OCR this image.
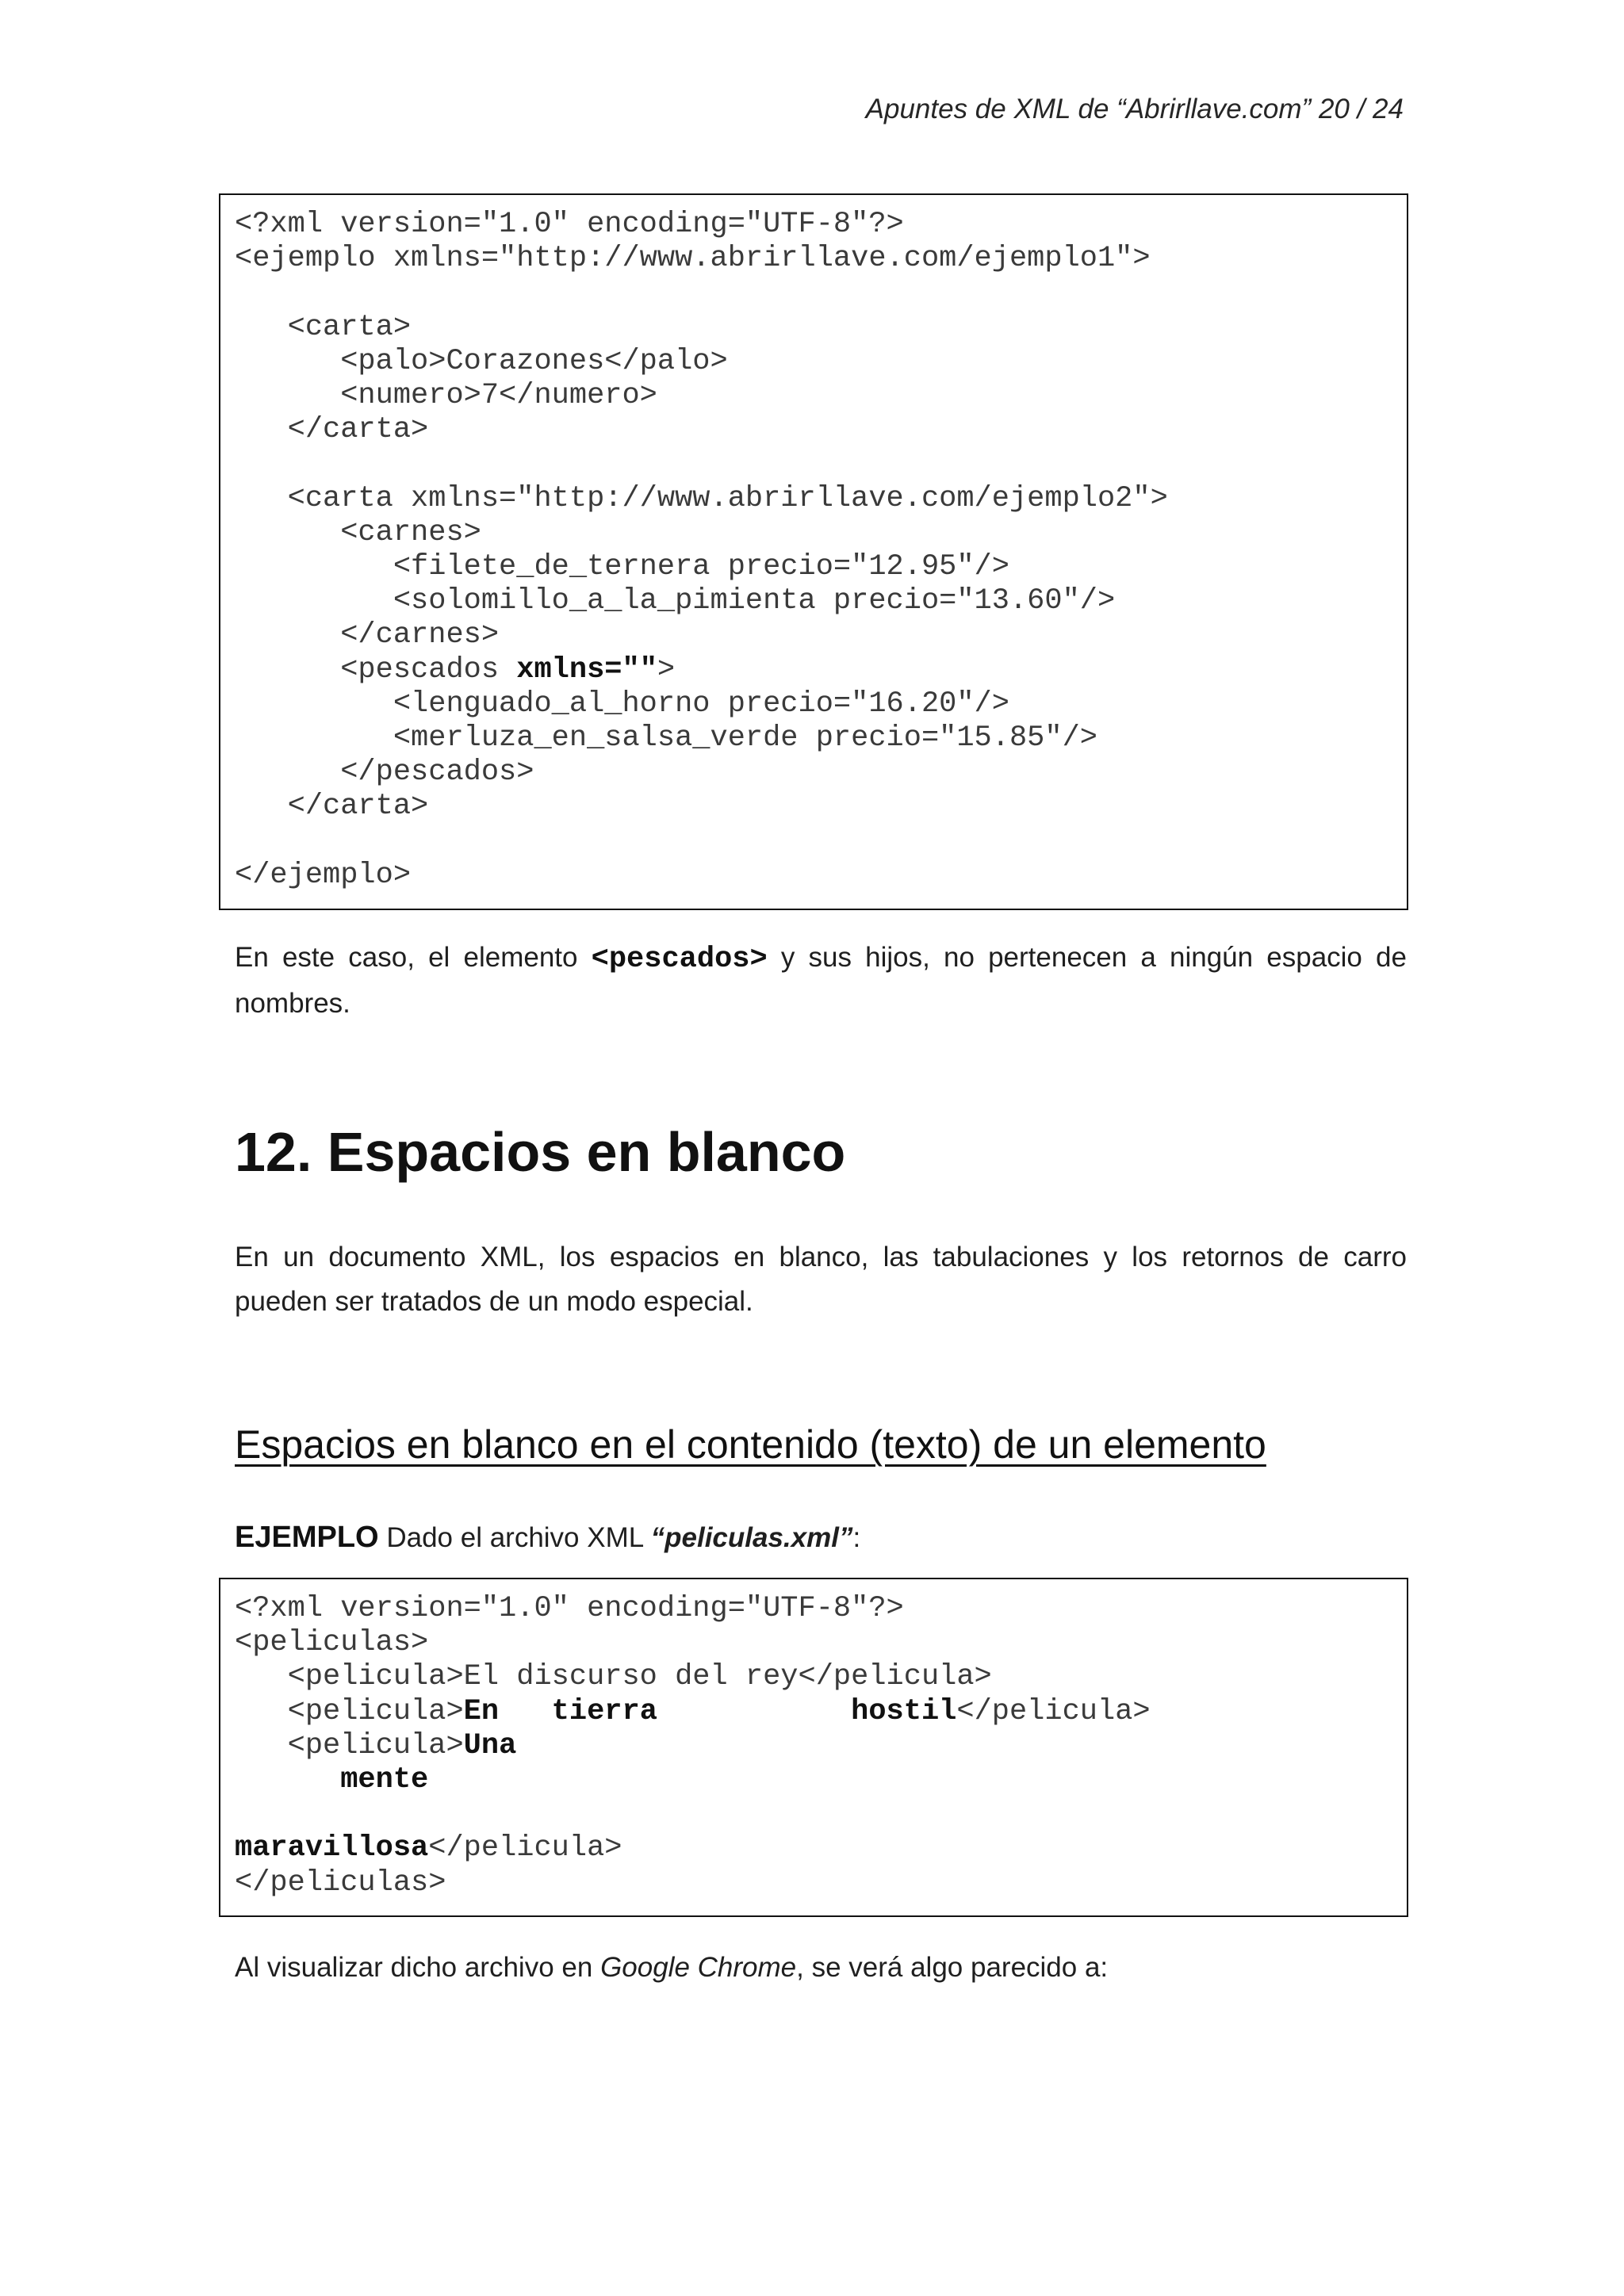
Apuntes de XML de “Abrirllave.com” 20 / 24
<?xml version="1.0" encoding="UTF-8"?>
<ejemplo xmlns="http://www.abrirllave.com/ejemplo1">

<carta>
<palo>Corazones</palo>
<numero>7</numero>
</carta>

<carta xmlns="http://www.abrirllave.com/ejemplo2">
<carnes>
<filete_de_ternera precio="12.95"/>
<solomillo_a_la_pimienta precio="13.60"/>
</carnes>
<pescados xmlns="">
<lenguado_al_horno precio="16.20"/>
<merluza_en_salsa_verde precio="15.85"/>
</pescados>
</carta>

</ejemplo>
En este caso, el elemento <pescados> y sus hijos, no pertenecen a ningún espacio de nombres.
12. Espacios en blanco
En un documento XML, los espacios en blanco, las tabulaciones y los retornos de carro pueden ser tratados de un modo especial.
Espacios en blanco en el contenido (texto) de un elemento
EJEMPLO Dado el archivo XML “peliculas.xml”:
<?xml version="1.0" encoding="UTF-8"?>
<peliculas>
<pelicula>El discurso del rey</pelicula>
<pelicula>En   tierra           hostil</pelicula>
<pelicula>Una
mente

maravillosa</pelicula>
</peliculas>
Al visualizar dicho archivo en Google Chrome, se verá algo parecido a:
